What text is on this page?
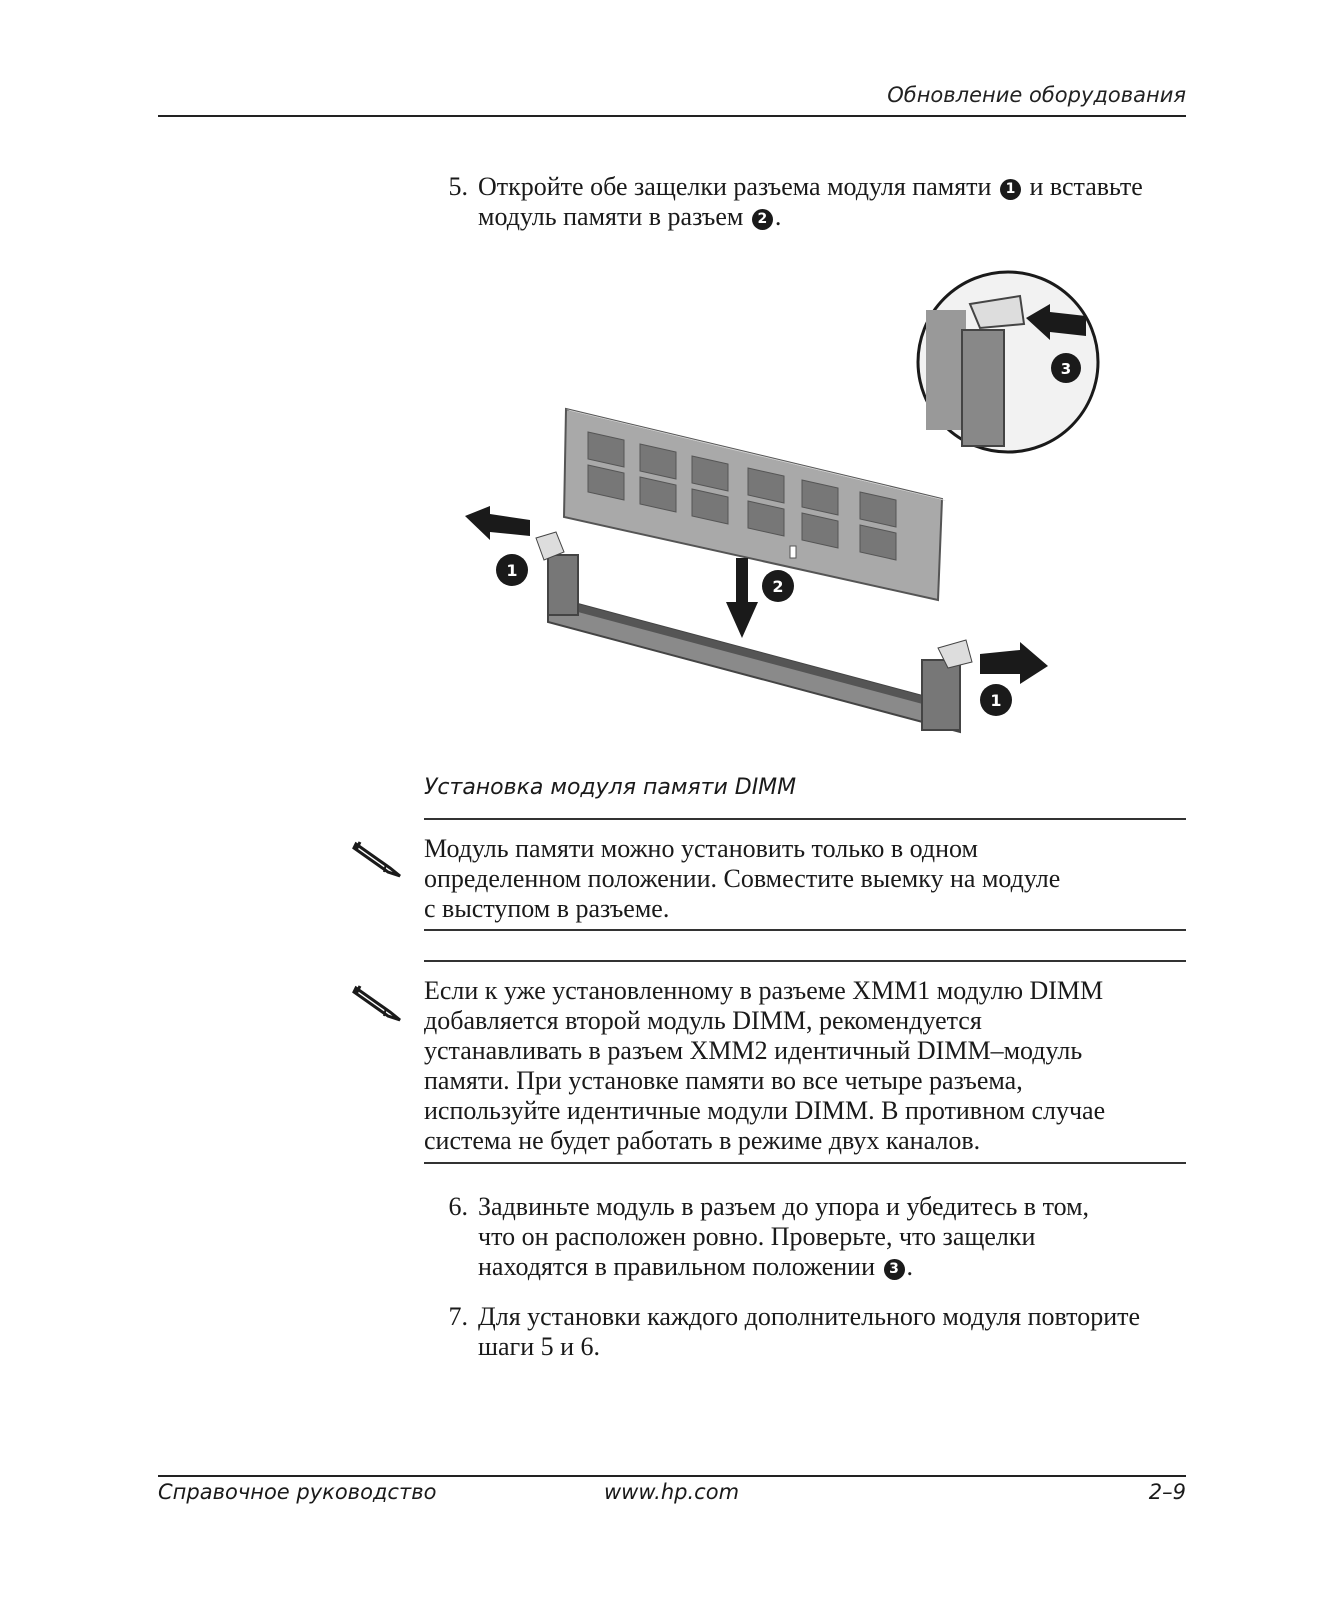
Обновление оборудования
5. Откройте обе защелки разъема модуля памяти 1 и вставьте
модуль памяти в разъем 2 .
1
2
1
3
Установка модуля памяти DIMM
Модуль памяти можно установить только в одном
определенном положении. Совместите выемку на модуле
с выступом в разъеме.
Если к уже установленному в разъеме XMM1 модулю DIMM
добавляется второй модуль DIMM, рекомендуется
устанавливать в разъем XMM2 идентичный DIMM–модуль
памяти. При установке памяти во все четыре разъема,
используйте идентичные модули DIMM. В противном случае
система не будет работать в режиме двух каналов.
6. Задвиньте модуль в разъем до упора и убедитесь в том,
что он расположен ровно. Проверьте, что защелки
находятся в правильном положении 3 .
7. Для установки каждого дополнительного модуля повторите
шаги 5 и 6.
Справочное руководство	www.hp.com	2–9
